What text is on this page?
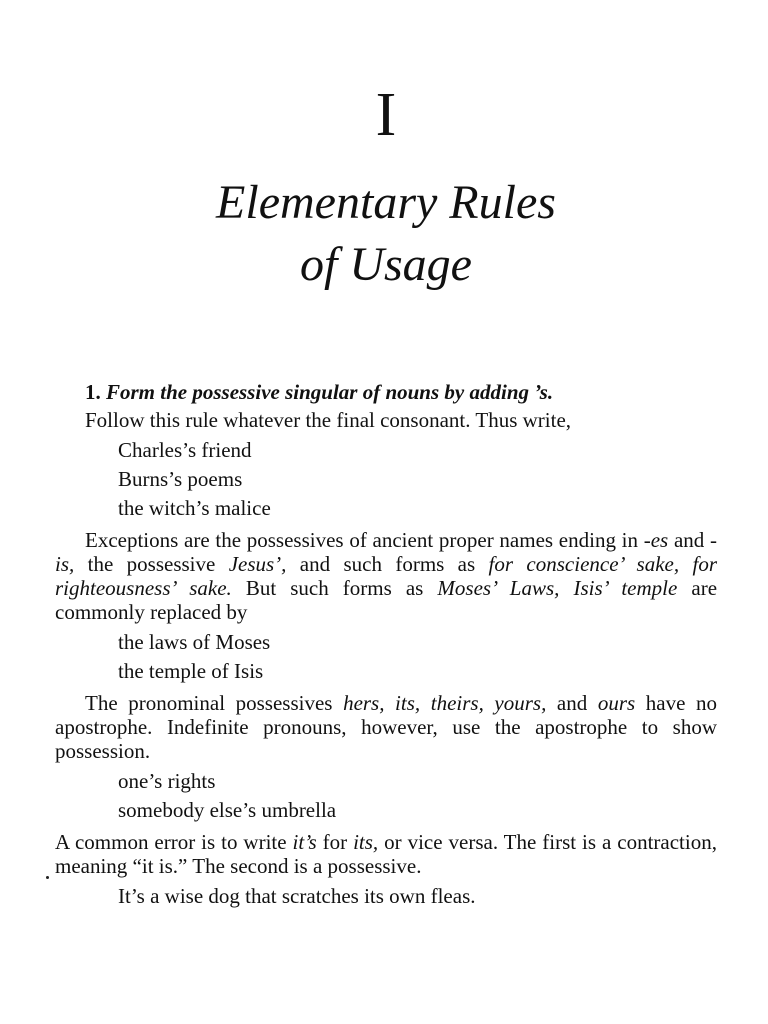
I
Elementary Rules
of Usage

1. Form the possessive singular of nouns by adding ’s.

Follow this rule whatever the final consonant. Thus write,

Charles’s friend
Burns’s poems
the witch’s malice

Exceptions are the possessives of ancient proper names ending in -es and -is, the possessive Jesus’, and such forms as for conscience’ sake, for righteousness’ sake. But such forms as Moses’ Laws, Isis’ temple are commonly replaced by

the laws of Moses
the temple of Isis

The pronominal possessives hers, its, theirs, yours, and ours have no apostrophe. Indefinite pronouns, however, use the apostrophe to show possession.

one’s rights
somebody else’s umbrella

A common error is to write it’s for its, or vice versa. The first is a contraction, meaning “it is.” The second is a possessive.

It’s a wise dog that scratches its own fleas.
